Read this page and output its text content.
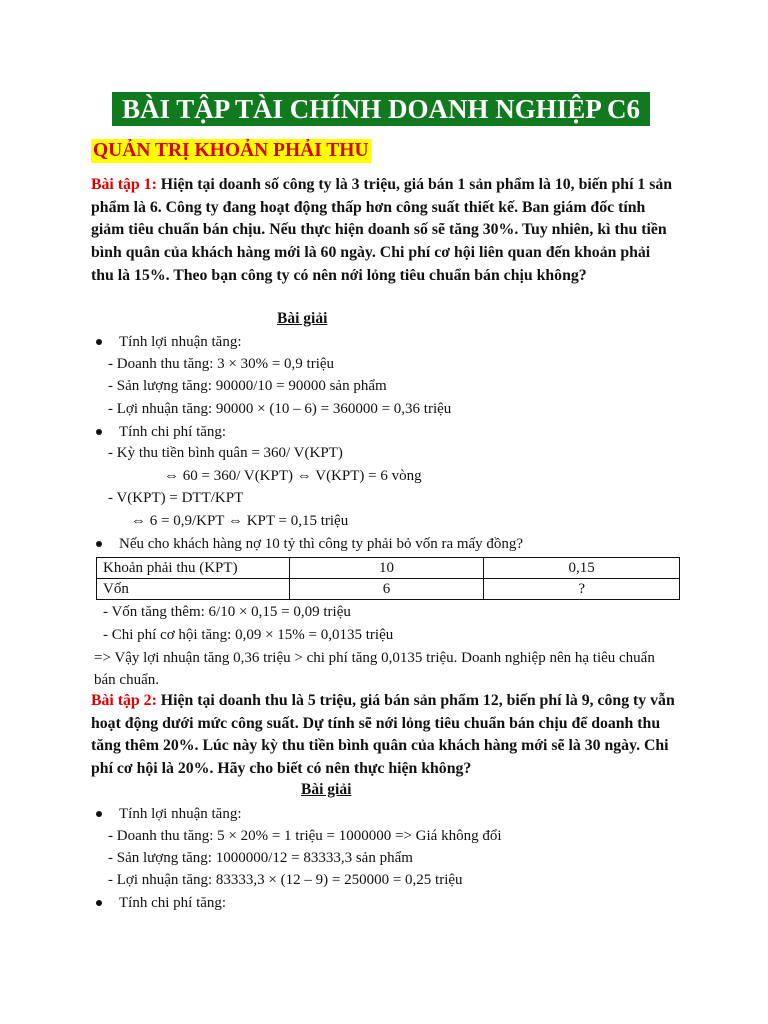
BÀI TẬP TÀI CHÍNH DOANH NGHIỆP C6
QUẢN TRỊ KHOẢN PHẢI THU

Bài tập 1: Hiện tại doanh số công ty là 3 triệu, giá bán 1 sản phẩm là 10, biến phí 1 sản phẩm là 6. Công ty đang hoạt động thấp hơn công suất thiết kế. Ban giám đốc tính giảm tiêu chuẩn bán chịu. Nếu thực hiện doanh số sẽ tăng 30%. Tuy nhiên, kì thu tiền bình quân của khách hàng mới là 60 ngày. Chi phí cơ hội liên quan đến khoản phải thu là 15%. Theo bạn công ty có nên nới lỏng tiêu chuẩn bán chịu không?

Bài giải
Tính lợi nhuận tăng:
- Doanh thu tăng: 3 × 30% = 0,9 triệu
- Sản lượng tăng: 90000/10 = 90000 sản phẩm
- Lợi nhuận tăng: 90000 × (10 – 6) = 360000 = 0,36 triệu
Tính chi phí tăng:
- Kỳ thu tiền bình quân = 360/ V(KPT)
⇔ 60 = 360/ V(KPT) ⇔ V(KPT) = 6 vòng
- V(KPT) = DTT/KPT
⇔ 6 = 0,9/KPT ⇔ KPT = 0,15 triệu
Nếu cho khách hàng nợ 10 tỷ thì công ty phải bỏ vốn ra mấy đồng?
Khoản phải thu (KPT)	10	0,15
Vốn	6	?
- Vốn tăng thêm: 6/10 × 0,15 = 0,09 triệu
- Chi phí cơ hội tăng: 0,09 × 15% = 0,0135 triệu
=> Vậy lợi nhuận tăng 0,36 triệu > chi phí tăng 0,0135 triệu. Doanh nghiệp nên hạ tiêu chuẩn bán chuẩn.

Bài tập 2: Hiện tại doanh thu là 5 triệu, giá bán sản phẩm 12, biến phí là 9, công ty vẫn hoạt động dưới mức công suất. Dự tính sẽ nới lỏng tiêu chuẩn bán chịu để doanh thu tăng thêm 20%. Lúc này kỳ thu tiền bình quân của khách hàng mới sẽ là 30 ngày. Chi phí cơ hội là 20%. Hãy cho biết có nên thực hiện không?

Bài giải
Tính lợi nhuận tăng:
- Doanh thu tăng: 5 × 20% = 1 triệu = 1000000 => Giá không đổi
- Sản lượng tăng: 1000000/12 = 83333,3 sản phẩm
- Lợi nhuận tăng: 83333,3 × (12 – 9) = 250000 = 0,25 triệu
Tính chi phí tăng:
